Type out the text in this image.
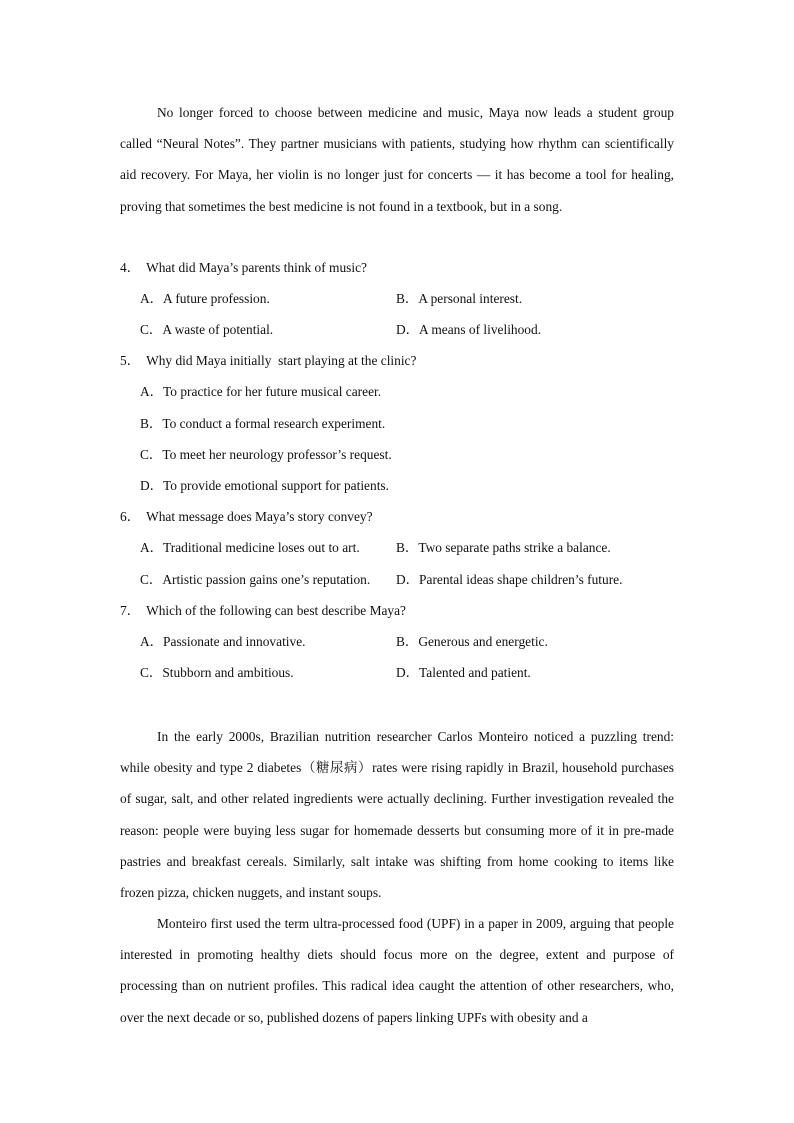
No longer forced to choose between medicine and music, Maya now leads a student group called “Neural Notes”. They partner musicians with patients, studying how rhythm can scientifically aid recovery. For Maya, her violin is no longer just for concerts — it has become a tool for healing, proving that sometimes the best medicine is not found in a textbook, but in a song.

4． What did Maya’s parents think of music?
A．A future profession.	B．A personal interest.
C．A waste of potential.	D．A means of livelihood.
5． Why did Maya initially  start playing at the clinic?
A．To practice for her future musical career.
B．To conduct a formal research experiment.
C．To meet her neurology professor’s request.
D．To provide emotional support for patients.
6． What message does Maya’s story convey?
A．Traditional medicine loses out to art.	B．Two separate paths strike a balance.
C．Artistic passion gains one’s reputation. D．Parental ideas shape children’s future.
7． Which of the following can best describe Maya?
A．Passionate and innovative.	B．Generous and energetic.
C．Stubborn and ambitious.	D．Talented and patient.

In the early 2000s, Brazilian nutrition researcher Carlos Monteiro noticed a puzzling trend: while obesity and type 2 diabetes（糖尿病）rates were rising rapidly in Brazil, household purchases of sugar, salt, and other related ingredients were actually declining. Further investigation revealed the reason: people were buying less sugar for homemade desserts but consuming more of it in pre-made pastries and breakfast cereals. Similarly, salt intake was shifting from home cooking to items like frozen pizza, chicken nuggets, and instant soups.

Monteiro first used the term ultra-processed food (UPF) in a paper in 2009, arguing that people interested in promoting healthy diets should focus more on the degree, extent and purpose of processing than on nutrient profiles. This radical idea caught the attention of other researchers, who, over the next decade or so, published dozens of papers linking UPFs with obesity and a
